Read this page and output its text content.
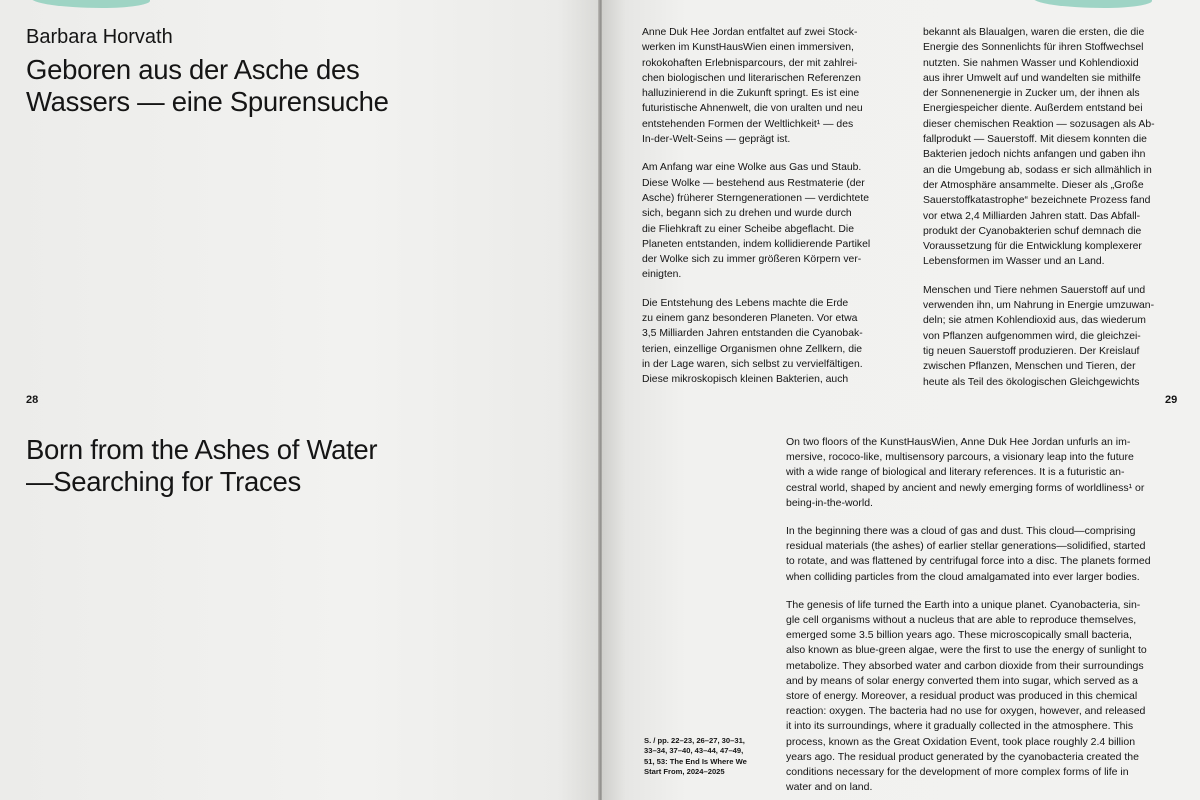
Barbara Horvath
Geboren aus der Asche des
Wassers — eine Spurensuche
28
Born from the Ashes of Water
—Searching for Traces

Anne Duk Hee Jordan entfaltet auf zwei Stock-
werken im KunstHausWien einen immersiven,
rokokohaften Erlebnisparcours, der mit zahlrei-
chen biologischen und literarischen Referenzen
halluzinierend in die Zukunft springt. Es ist eine
futuristische Ahnenwelt, die von uralten und neu
entstehenden Formen der Weltlichkeit¹ — des
In-der-Welt-Seins — geprägt ist.

Am Anfang war eine Wolke aus Gas und Staub.
Diese Wolke — bestehend aus Restmaterie (der
Asche) früherer Sterngenerationen — verdichtete
sich, begann sich zu drehen und wurde durch
die Fliehkraft zu einer Scheibe abgeflacht. Die
Planeten entstanden, indem kollidierende Partikel
der Wolke sich zu immer größeren Körpern ver-
einigten.

Die Entstehung des Lebens machte die Erde
zu einem ganz besonderen Planeten. Vor etwa
3,5 Milliarden Jahren entstanden die Cyanobak-
terien, einzellige Organismen ohne Zellkern, die
in der Lage waren, sich selbst zu vervielfältigen.
Diese mikroskopisch kleinen Bakterien, auch

bekannt als Blaualgen, waren die ersten, die die
Energie des Sonnenlichts für ihren Stoffwechsel
nutzten. Sie nahmen Wasser und Kohlendioxid
aus ihrer Umwelt auf und wandelten sie mithilfe
der Sonnenenergie in Zucker um, der ihnen als
Energiespeicher diente. Außerdem entstand bei
dieser chemischen Reaktion — sozusagen als Ab-
fallprodukt — Sauerstoff. Mit diesem konnten die
Bakterien jedoch nichts anfangen und gaben ihn
an die Umgebung ab, sodass er sich allmählich in
der Atmosphäre ansammelte. Dieser als „Große
Sauerstoffkatastrophe“ bezeichnete Prozess fand
vor etwa 2,4 Milliarden Jahren statt. Das Abfall-
produkt der Cyanobakterien schuf demnach die
Voraussetzung für die Entwicklung komplexerer
Lebensformen im Wasser und an Land.

Menschen und Tiere nehmen Sauerstoff auf und
verwenden ihn, um Nahrung in Energie umzuwan-
deln; sie atmen Kohlendioxid aus, das wiederum
von Pflanzen aufgenommen wird, die gleichzei-
tig neuen Sauerstoff produzieren. Der Kreislauf
zwischen Pflanzen, Menschen und Tieren, der
heute als Teil des ökologischen Gleichgewichts

29
S. / pp. 22–23, 26–27, 30–31,
33–34, 37–40, 43–44, 47–49,
51, 53: The End Is Where We
Start From, 2024–2025

On two floors of the KunstHausWien, Anne Duk Hee Jordan unfurls an im-
mersive, rococo-like, multisensory parcours, a visionary leap into the future
with a wide range of biological and literary references. It is a futuristic an-
cestral world, shaped by ancient and newly emerging forms of worldliness¹ or
being-in-the-world.

In the beginning there was a cloud of gas and dust. This cloud—comprising
residual materials (the ashes) of earlier stellar generations—solidified, started
to rotate, and was flattened by centrifugal force into a disc. The planets formed
when colliding particles from the cloud amalgamated into ever larger bodies.

The genesis of life turned the Earth into a unique planet. Cyanobacteria, sin-
gle cell organisms without a nucleus that are able to reproduce themselves,
emerged some 3.5 billion years ago. These microscopically small bacteria,
also known as blue-green algae, were the first to use the energy of sunlight to
metabolize. They absorbed water and carbon dioxide from their surroundings
and by means of solar energy converted them into sugar, which served as a
store of energy. Moreover, a residual product was produced in this chemical
reaction: oxygen. The bacteria had no use for oxygen, however, and released
it into its surroundings, where it gradually collected in the atmosphere. This
process, known as the Great Oxidation Event, took place roughly 2.4 billion
years ago. The residual product generated by the cyanobacteria created the
conditions necessary for the development of more complex forms of life in
water and on land.
